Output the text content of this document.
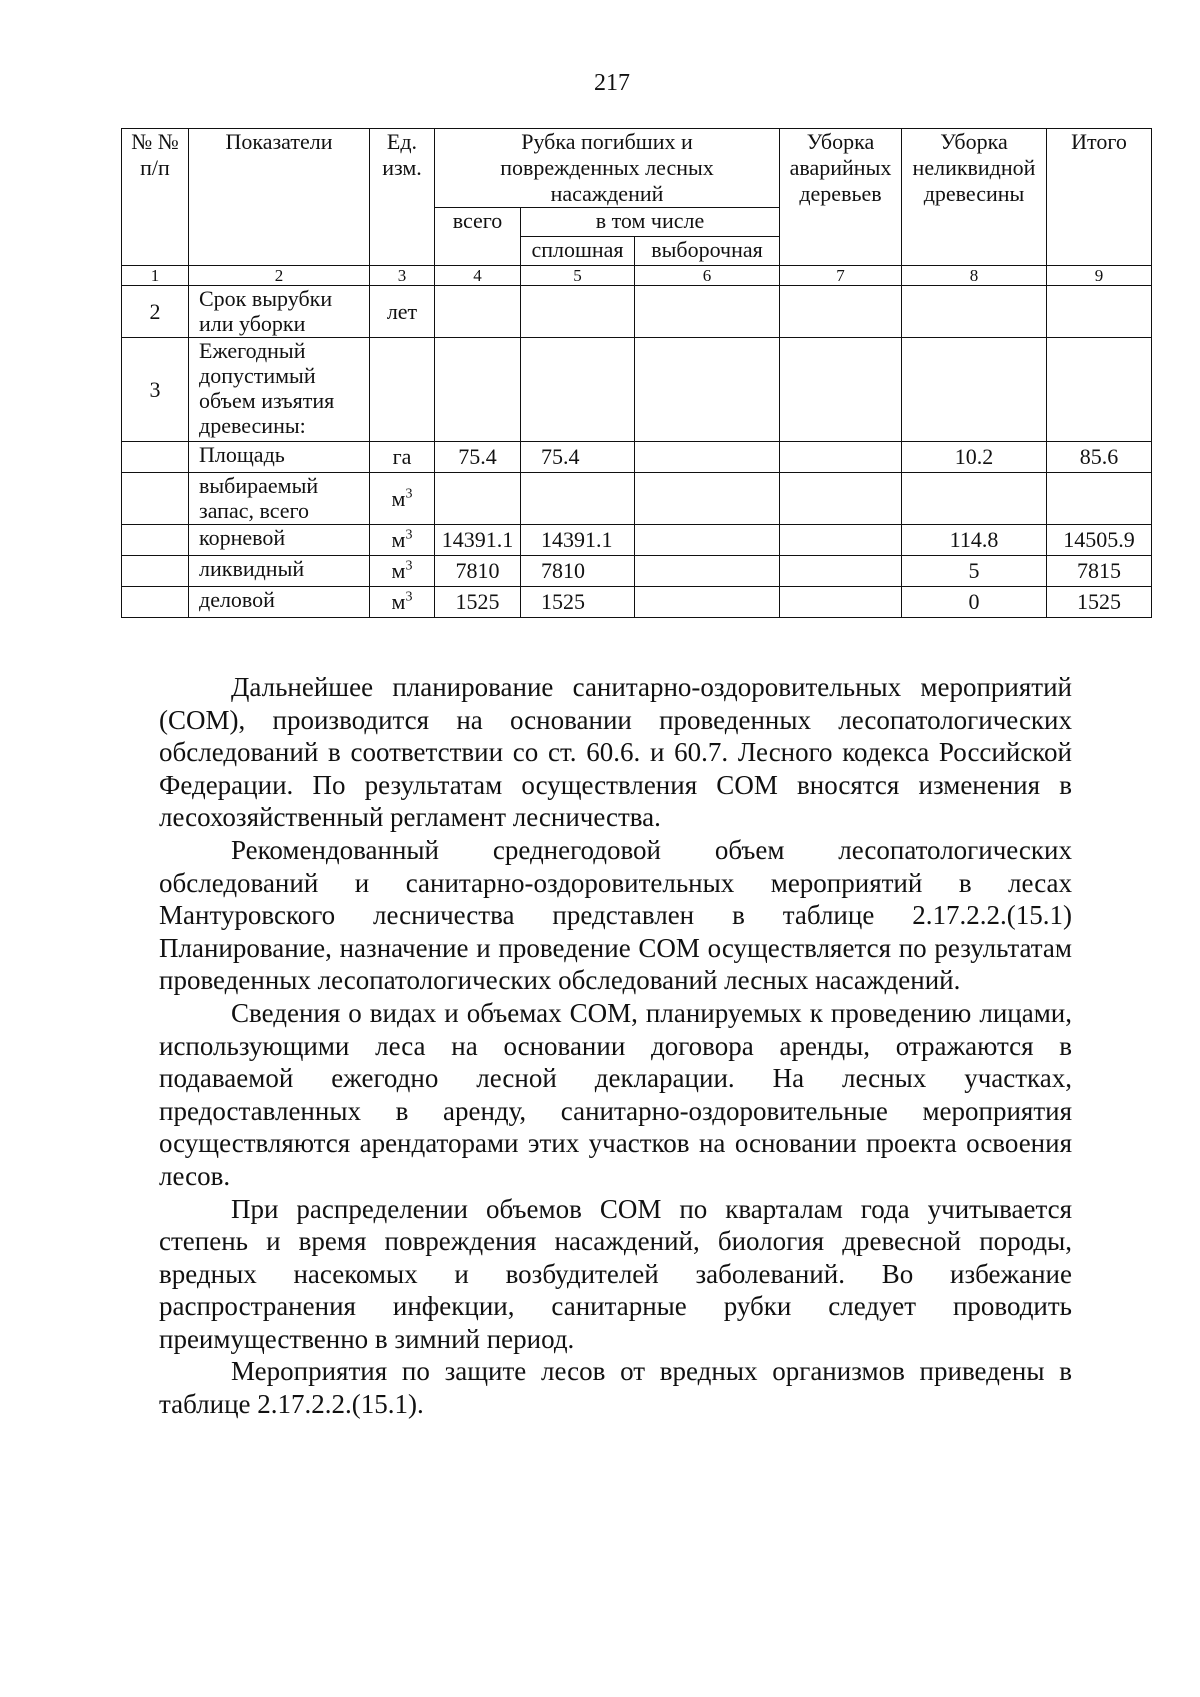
217
№ № п/п	Показатели	Ед. изм.	Рубка погибших и поврежденных лесных насаждений			Уборка аварийных деревьев	Уборка неликвидной древесины	Итого
			всего	в том числе				
				сплошная	выборочная			
1	2	3	4	5	6	7	8	9
2	Срок вырубки или уборки	лет						
3	Ежегодный допустимый объем изъятия древесины:							
	Площадь	га	75.4	75.4			10.2	85.6
	выбираемый запас, всего	$м^3$						
	корневой	$м^3$	14391.1	14391.1			114.8	14505.9
	ликвидный	$м^3$	7810	7810			5	7815
	деловой	$м^3$	1525	1525			0	1525

Дальнейшее планирование санитарно-оздоровительных мероприятий (СОМ), производится на основании проведенных лесопатологических обследований в соответствии со ст. 60.6. и 60.7. Лесного кодекса Российской Федерации. По результатам осуществления СОМ вносятся изменения в лесохозяйственный регламент лесничества.

Рекомендованный среднегодовой объем лесопатологических обследований и санитарно-оздоровительных мероприятий в лесах Мантуровского лесничества представлен в таблице 2.17.2.2.(15.1) Планирование, назначение и проведение СОМ осуществляется по результатам проведенных лесопатологических обследований лесных насаждений.

Сведения о видах и объемах СОМ, планируемых к проведению лицами, использующими леса на основании договора аренды, отражаются в подаваемой ежегодно лесной декларации. На лесных участках, предоставленных в аренду, санитарно-оздоровительные мероприятия осуществляются арендаторами этих участков на основании проекта освоения лесов.

При распределении объемов СОМ по кварталам года учитывается степень и время повреждения насаждений, биология древесной породы, вредных насекомых и возбудителей заболеваний. Во избежание распространения инфекции, санитарные рубки следует проводить преимущественно в зимний период.

Мероприятия по защите лесов от вредных организмов приведены в таблице 2.17.2.2.(15.1).
